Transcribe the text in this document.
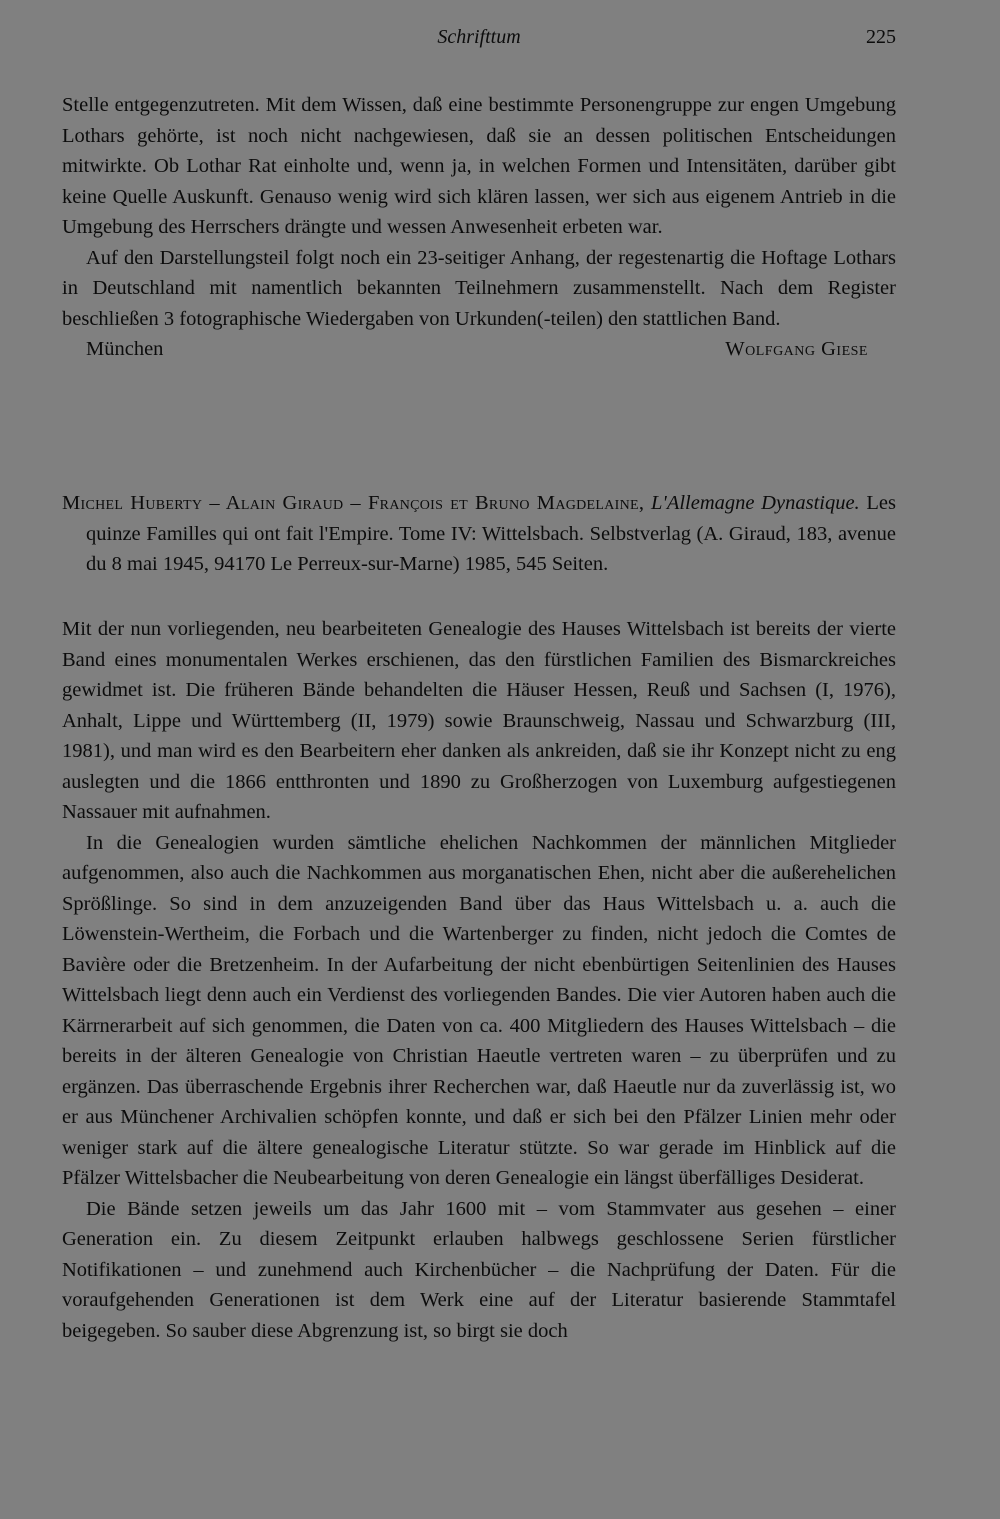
Schrifttum	225

Stelle entgegenzutreten. Mit dem Wissen, daß eine bestimmte Personengruppe zur engen Umgebung Lothars gehörte, ist noch nicht nachgewiesen, daß sie an dessen politischen Entscheidungen mitwirkte. Ob Lothar Rat einholte und, wenn ja, in welchen Formen und Intensitäten, darüber gibt keine Quelle Auskunft. Genauso wenig wird sich klären lassen, wer sich aus eigenem Antrieb in die Umgebung des Herrschers drängte und wessen Anwesenheit erbeten war.

Auf den Darstellungsteil folgt noch ein 23-seitiger Anhang, der regestenartig die Hoftage Lothars in Deutschland mit namentlich bekannten Teilnehmern zusammenstellt. Nach dem Register beschließen 3 fotographische Wiedergaben von Urkunden(-teilen) den stattlichen Band.

München	Wolfgang Giese

Michel Huberty – Alain Giraud – François et Bruno Magdelaine, L'Allemagne Dynastique. Les quinze Familles qui ont fait l'Empire. Tome IV: Wittelsbach. Selbstverlag (A. Giraud, 183, avenue du 8 mai 1945, 94170 Le Perreux-sur-Marne) 1985, 545 Seiten.

Mit der nun vorliegenden, neu bearbeiteten Genealogie des Hauses Wittelsbach ist bereits der vierte Band eines monumentalen Werkes erschienen, das den fürstlichen Familien des Bismarckreiches gewidmet ist. Die früheren Bände behandelten die Häuser Hessen, Reuß und Sachsen (I, 1976), Anhalt, Lippe und Württemberg (II, 1979) sowie Braunschweig, Nassau und Schwarzburg (III, 1981), und man wird es den Bearbeitern eher danken als ankreiden, daß sie ihr Konzept nicht zu eng auslegten und die 1866 entthronten und 1890 zu Großherzogen von Luxemburg aufgestiegenen Nassauer mit aufnahmen.

In die Genealogien wurden sämtliche ehelichen Nachkommen der männlichen Mitglieder aufgenommen, also auch die Nachkommen aus morganatischen Ehen, nicht aber die außerehelichen Sprößlinge. So sind in dem anzuzeigenden Band über das Haus Wittelsbach u. a. auch die Löwenstein-Wertheim, die Forbach und die Wartenberger zu finden, nicht jedoch die Comtes de Bavière oder die Bretzenheim. In der Aufarbeitung der nicht ebenbürtigen Seitenlinien des Hauses Wittelsbach liegt denn auch ein Verdienst des vorliegenden Bandes. Die vier Autoren haben auch die Kärrnerarbeit auf sich genommen, die Daten von ca. 400 Mitgliedern des Hauses Wittelsbach – die bereits in der älteren Genealogie von Christian Haeutle vertreten waren – zu überprüfen und zu ergänzen. Das überraschende Ergebnis ihrer Recherchen war, daß Haeutle nur da zuverlässig ist, wo er aus Münchener Archivalien schöpfen konnte, und daß er sich bei den Pfälzer Linien mehr oder weniger stark auf die ältere genealogische Literatur stützte. So war gerade im Hinblick auf die Pfälzer Wittelsbacher die Neubearbeitung von deren Genealogie ein längst überfälliges Desiderat.

Die Bände setzen jeweils um das Jahr 1600 mit – vom Stammvater aus gesehen – einer Generation ein. Zu diesem Zeitpunkt erlauben halbwegs geschlossene Serien fürstlicher Notifikationen – und zunehmend auch Kirchenbücher – die Nachprüfung der Daten. Für die voraufgehenden Generationen ist dem Werk eine auf der Literatur basierende Stammtafel beigegeben. So sauber diese Abgrenzung ist, so birgt sie doch
